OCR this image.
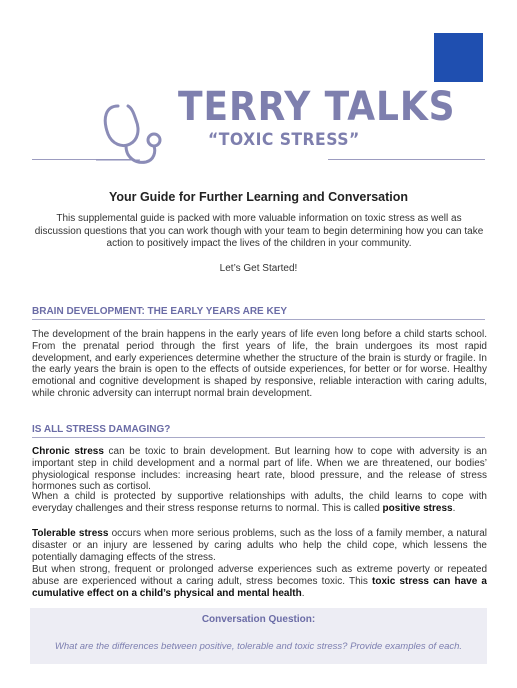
TERRY TALKS
“TOXIC STRESS”
Your Guide for Further Learning and Conversation
This supplemental guide is packed with more valuable information on toxic stress as well as discussion questions that you can work though with your team to begin determining how you can take action to positively impact the lives of the children in your community.
Let’s Get Started!
BRAIN DEVELOPMENT: THE EARLY YEARS ARE KEY
The development of the brain happens in the early years of life even long before a child starts school. From the prenatal period through the first years of life, the brain undergoes its most rapid development, and early experiences determine whether the structure of the brain is sturdy or fragile. In the early years the brain is open to the effects of outside experiences, for better or for worse. Healthy emotional and cognitive development is shaped by responsive, reliable interaction with caring adults, while chronic adversity can interrupt normal brain development.
IS ALL STRESS DAMAGING?
Chronic stress can be toxic to brain development. But learning how to cope with adversity is an important step in child development and a normal part of life. When we are threatened, our bodies’ physiological response includes: increasing heart rate, blood pressure, and the release of stress hormones such as cortisol.
When a child is protected by supportive relationships with adults, the child learns to cope with everyday challenges and their stress response returns to normal. This is called positive stress.
Tolerable stress occurs when more serious problems, such as the loss of a family member, a natural disaster or an injury are lessened by caring adults who help the child cope, which lessens the potentially damaging effects of the stress.
But when strong, frequent or prolonged adverse experiences such as extreme poverty or repeated abuse are experienced without a caring adult, stress becomes toxic. This toxic stress can have a cumulative effect on a child’s physical and mental health.
Conversation Question:
What are the differences between positive, tolerable and toxic stress? Provide examples of each.
